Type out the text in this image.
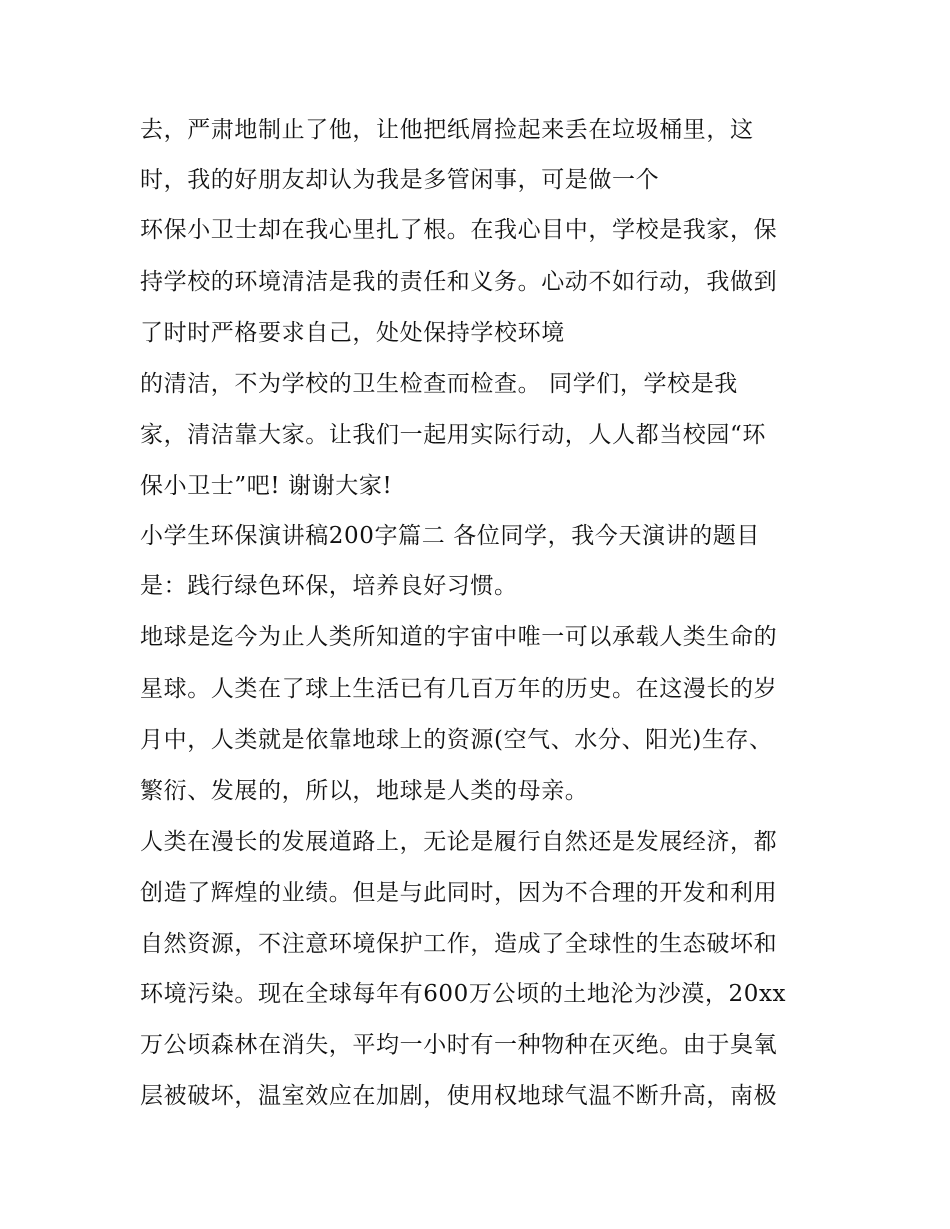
去，严肃地制止了他，让他把纸屑捡起来丢在垃圾桶里，这
时，我的好朋友却认为我是多管闲事，可是做一个
环保小卫士却在我心里扎了根。在我心目中，学校是我家，保
持学校的环境清洁是我的责任和义务。心动不如行动，我做到
了时时严格要求自己，处处保持学校环境
的清洁，不为学校的卫生检查而检查。 同学们，学校是我
家，清洁靠大家。让我们一起用实际行动，人人都当校园“环
保小卫士”吧! 谢谢大家!
小学生环保演讲稿200字篇二 各位同学，我今天演讲的题目
是：践行绿色环保，培养良好习惯。
地球是迄今为止人类所知道的宇宙中唯一可以承载人类生命的
星球。人类在了球上生活已有几百万年的历史。在这漫长的岁
月中，人类就是依靠地球上的资源(空气、水分、阳光)生存、
繁衍、发展的，所以，地球是人类的母亲。
人类在漫长的发展道路上，无论是履行自然还是发展经济，都
创造了辉煌的业绩。但是与此同时，因为不合理的开发和利用
自然资源，不注意环境保护工作，造成了全球性的生态破坏和
环境污染。现在全球每年有600万公顷的土地沦为沙漠，20xx
万公顷森林在消失，平均一小时有一种物种在灭绝。由于臭氧
层被破坏，温室效应在加剧，使用权地球气温不断升高，南极
